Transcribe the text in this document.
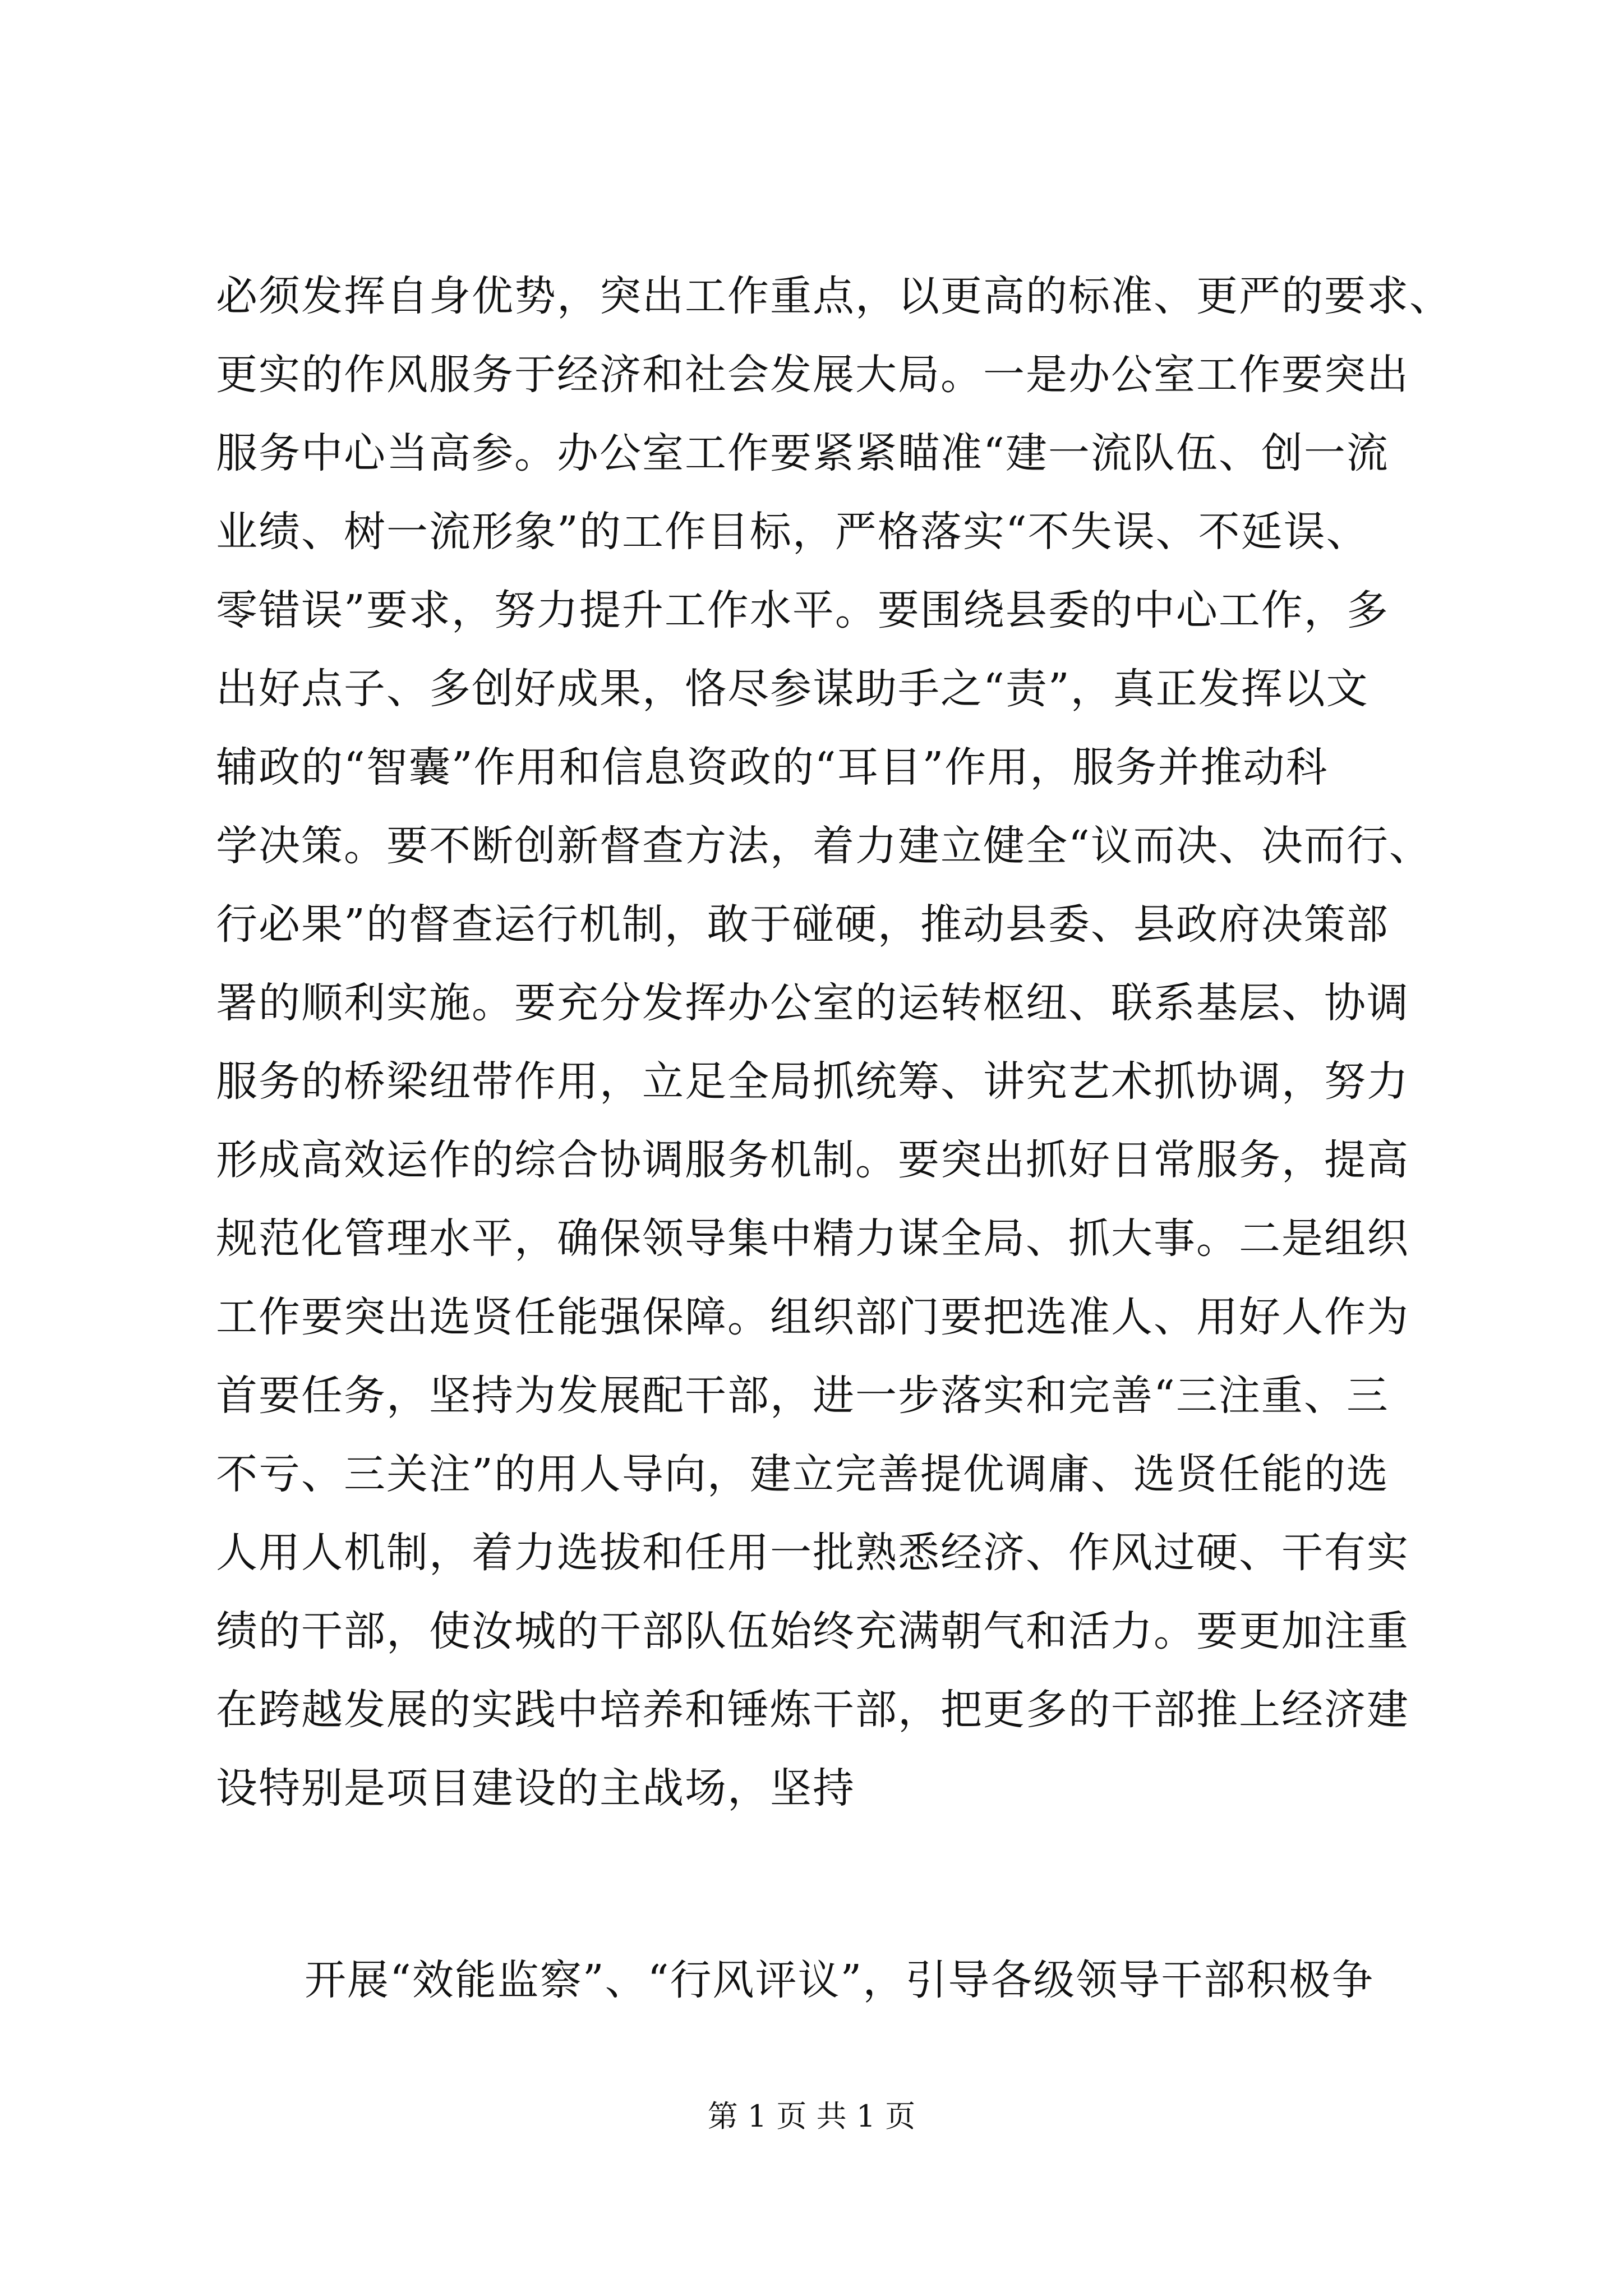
必须发挥自身优势，突出工作重点，以更高的标准、更严的要求、
更实的作风服务于经济和社会发展大局。一是办公室工作要突出
服务中心当高参。办公室工作要紧紧瞄准“建一流队伍、创一流
业绩、树一流形象”的工作目标，严格落实“不失误、不延误、
零错误”要求，努力提升工作水平。要围绕县委的中心工作，多
出好点子、多创好成果，恪尽参谋助手之“责”，真正发挥以文
辅政的“智囊”作用和信息资政的“耳目”作用，服务并推动科
学决策。要不断创新督查方法，着力建立健全“议而决、决而行、
行必果”的督查运行机制，敢于碰硬，推动县委、县政府决策部
署的顺利实施。要充分发挥办公室的运转枢纽、联系基层、协调
服务的桥梁纽带作用，立足全局抓统筹、讲究艺术抓协调，努力
形成高效运作的综合协调服务机制。要突出抓好日常服务，提高
规范化管理水平，确保领导集中精力谋全局、抓大事。二是组织
工作要突出选贤任能强保障。组织部门要把选准人、用好人作为
首要任务，坚持为发展配干部，进一步落实和完善“三注重、三
不亏、三关注”的用人导向，建立完善提优调庸、选贤任能的选
人用人机制，着力选拔和任用一批熟悉经济、作风过硬、干有实
绩的干部，使汝城的干部队伍始终充满朝气和活力。要更加注重
在跨越发展的实践中培养和锤炼干部，把更多的干部推上经济建
设特别是项目建设的主战场，坚持
开展“效能监察”、“行风评议”，引导各级领导干部积极争
第 1 页 共 1 页
